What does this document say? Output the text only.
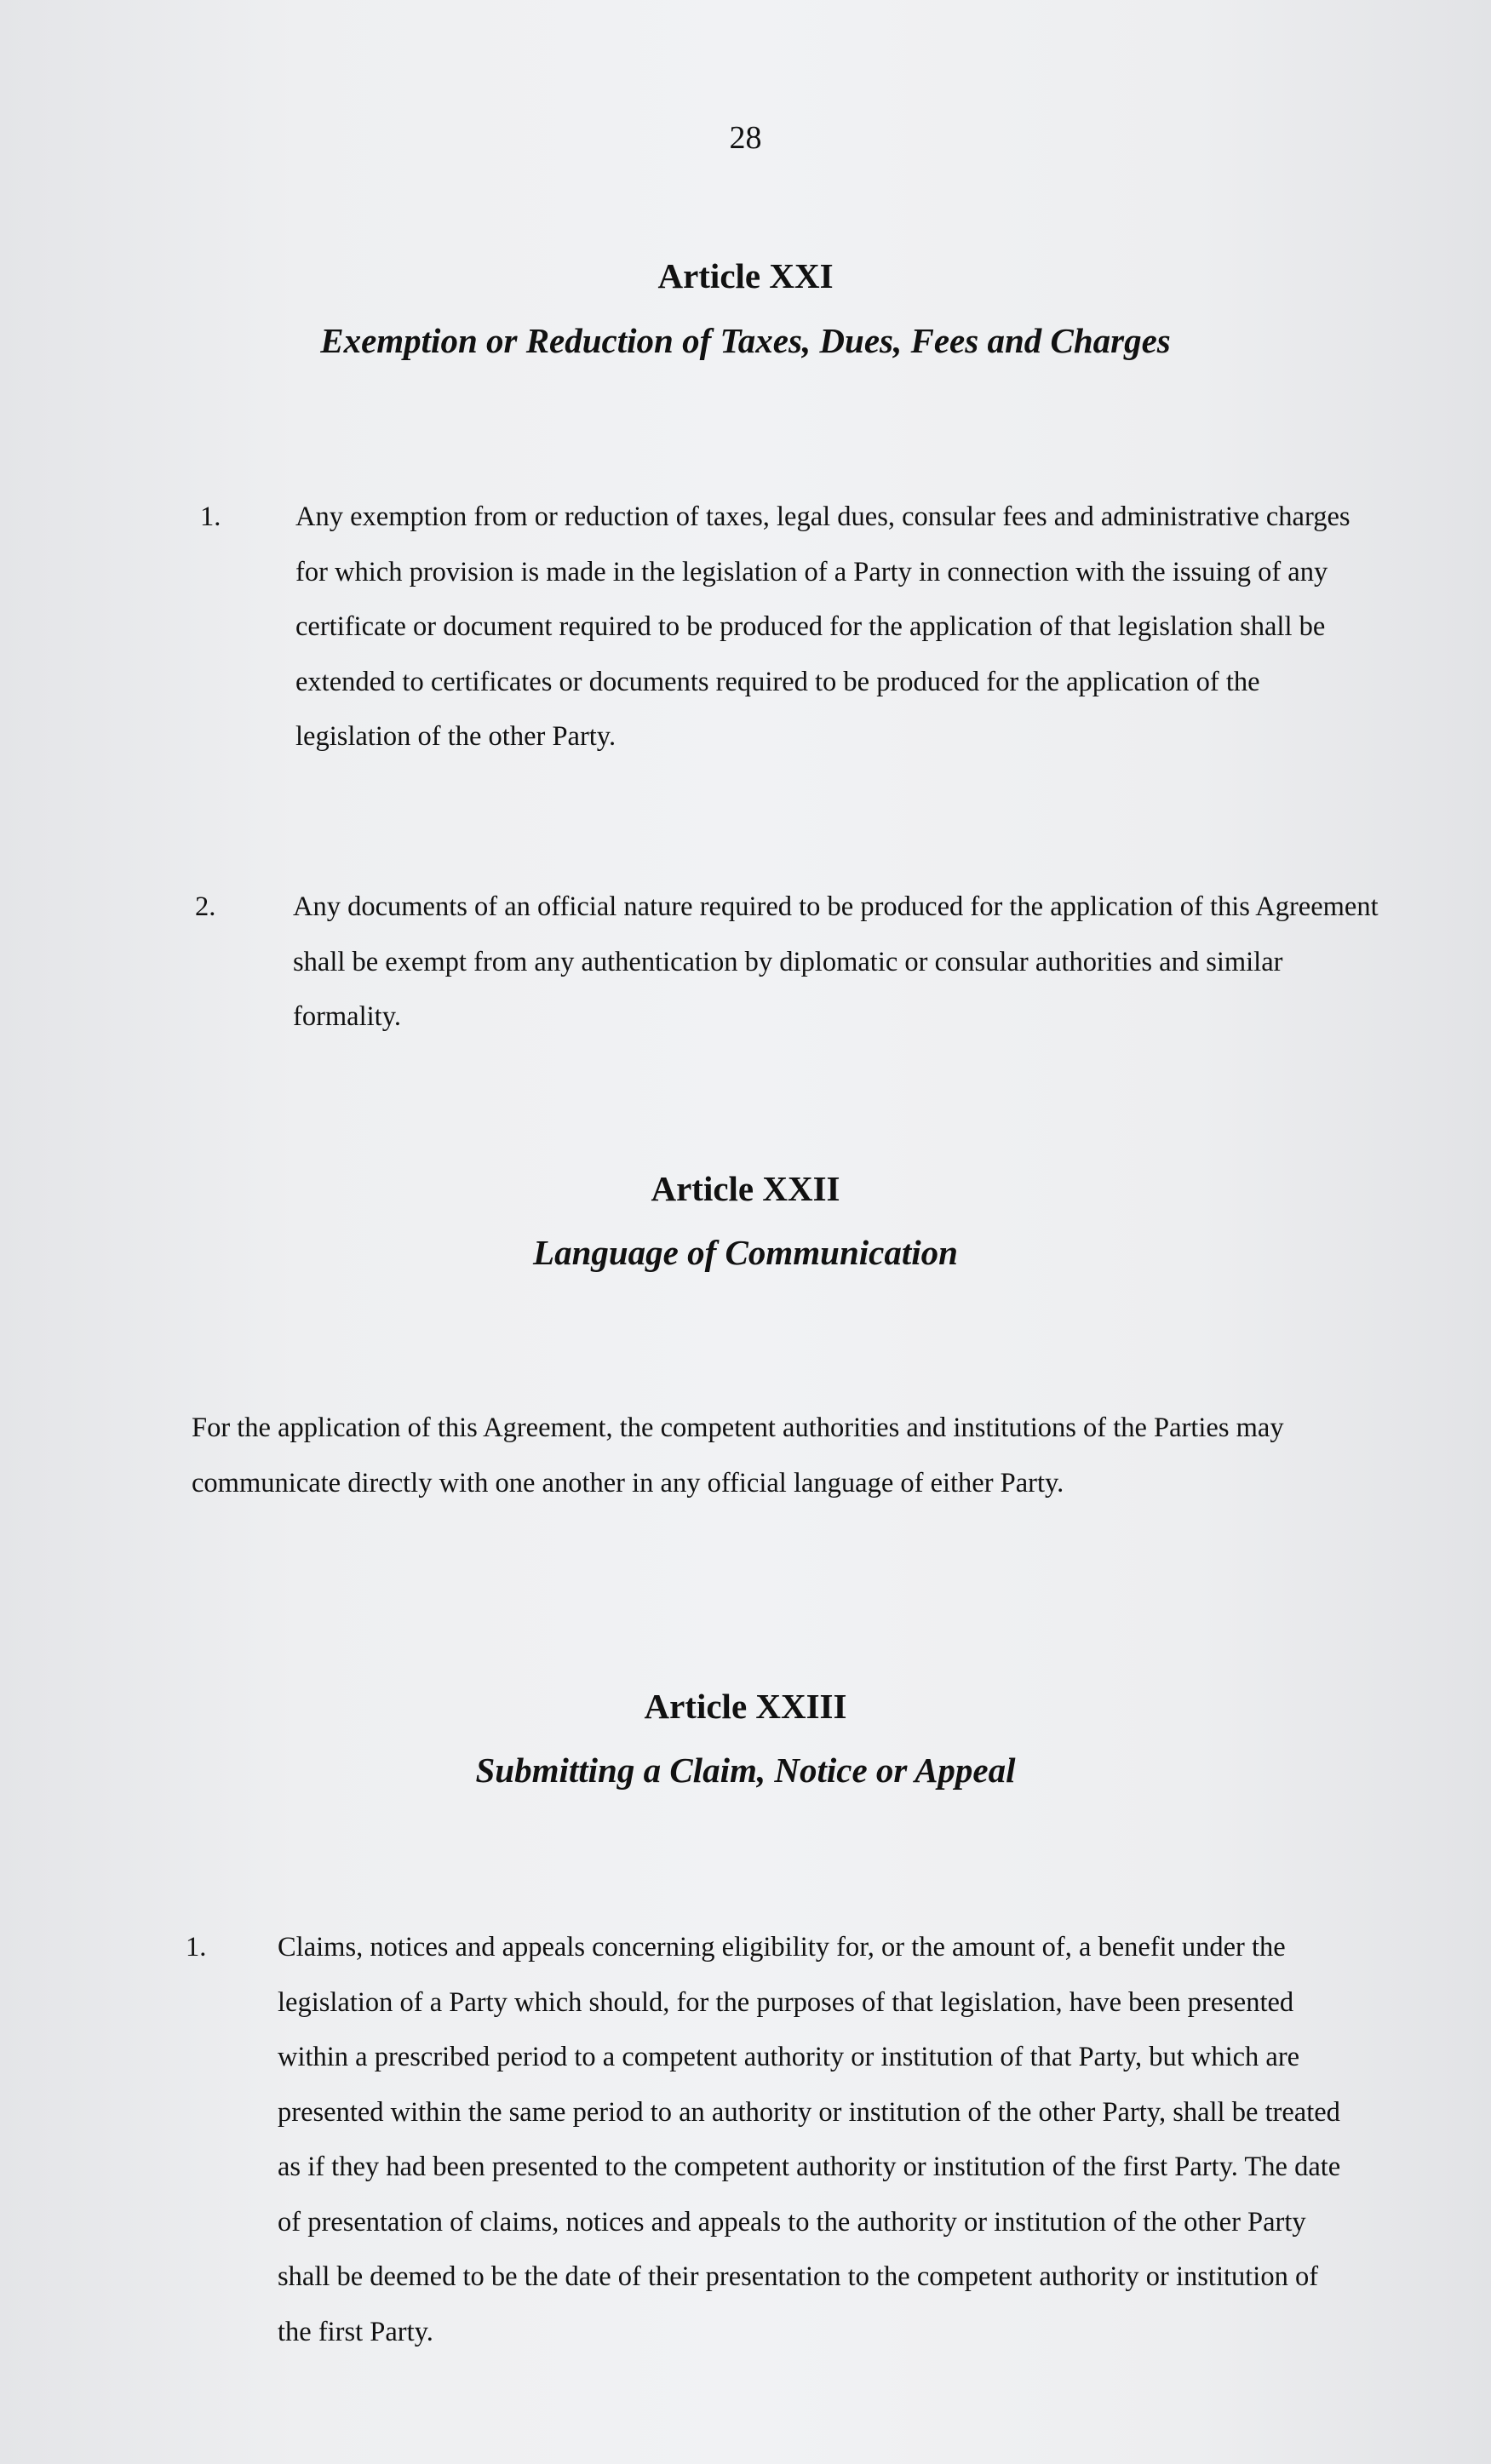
28
Article XXI
Exemption or Reduction of Taxes, Dues, Fees and Charges
1.	Any exemption from or reduction of taxes, legal dues, consular fees and administrative charges for which provision is made in the legislation of a Party in connection with the issuing of any certificate or document required to be produced for the application of that legislation shall be extended to certificates or documents required to be produced for the application of the legislation of the other Party.
2.	Any documents of an official nature required to be produced for the application of this Agreement shall be exempt from any authentication by diplomatic or consular authorities and similar formality.
Article XXII
Language of Communication
For the application of this Agreement, the competent authorities and institutions of the Parties may communicate directly with one another in any official language of either Party.
Article XXIII
Submitting a Claim, Notice or Appeal
1.	Claims, notices and appeals concerning eligibility for, or the amount of, a benefit under the legislation of a Party which should, for the purposes of that legislation, have been presented within a prescribed period to a competent authority or institution of that Party, but which are presented within the same period to an authority or institution of the other Party, shall be treated as if they had been presented to the competent authority or institution of the first Party. The date of presentation of claims, notices and appeals to the authority or institution of the other Party shall be deemed to be the date of their presentation to the competent authority or institution of the first Party.
